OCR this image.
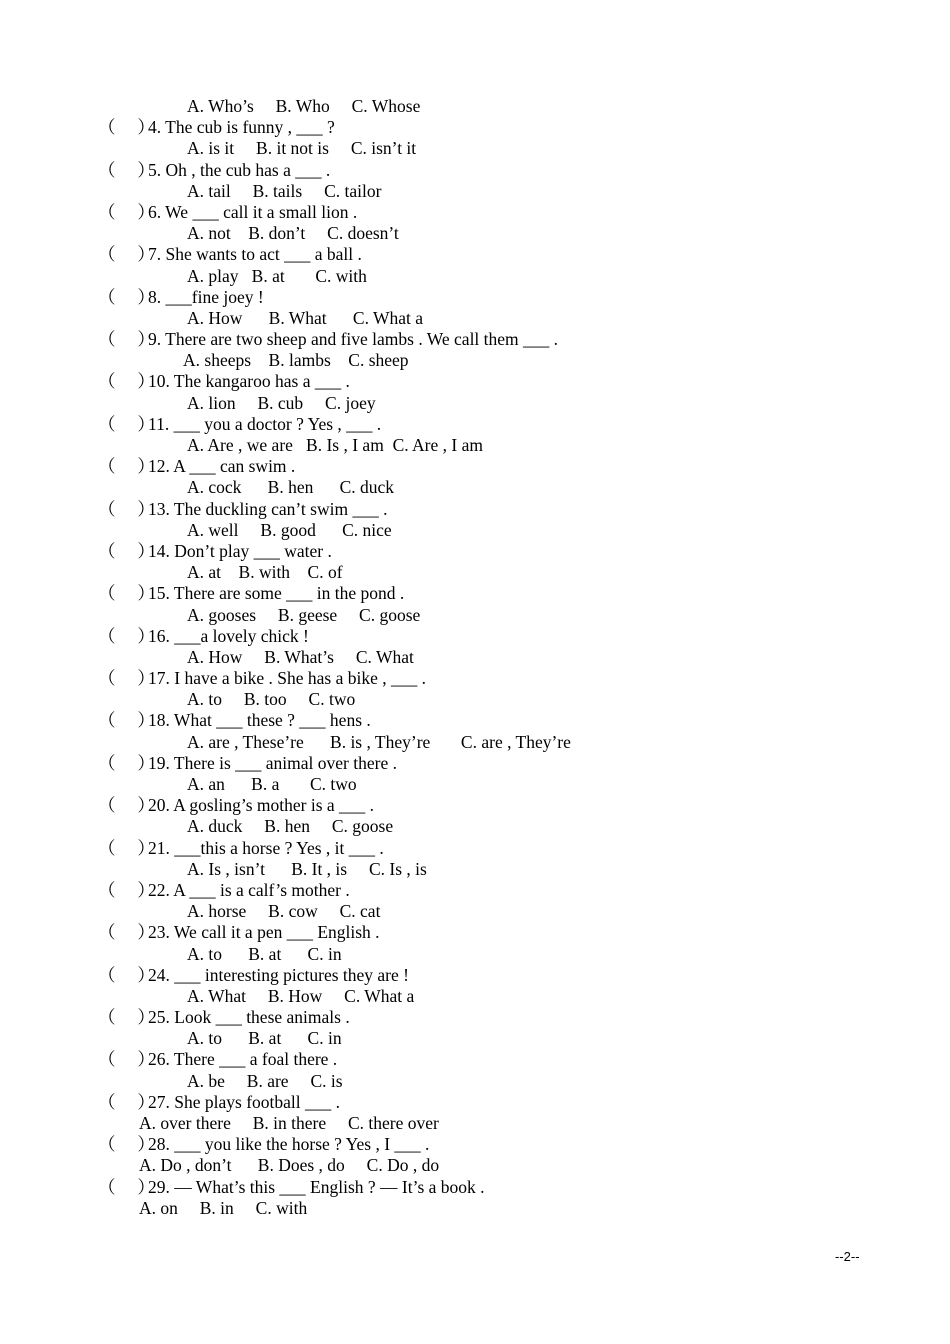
A. Who’s     B. Who     C. Whose

（     ）

4. The cub is funny , ___ ?

A. is it     B. it not is     C. isn’t it

（     ）

5. Oh , the cub has a ___ .

A. tail     B. tails     C. tailor

（     ）

6. We ___ call it a small lion .

A. not    B. don’t     C. doesn’t

（     ）

7. She wants to act ___ a ball .

A. play   B. at       C. with

（     ）

8. ___fine joey !

A. How      B. What      C. What a

（     ）

9. There are two sheep and five lambs . We call them ___ .

A. sheeps    B. lambs    C. sheep

（     ）

10. The kangaroo has a ___ .

A. lion     B. cub     C. joey

（     ）

11. ___ you a doctor ? Yes , ___ .

A. Are , we are   B. Is , I am  C. Are , I am

（     ）

12. A ___ can swim .

A. cock      B. hen      C. duck

（     ）

13. The duckling can’t swim ___ .

A. well     B. good      C. nice

（     ）

14. Don’t play ___ water .

A. at    B. with    C. of

（     ）

15. There are some ___ in the pond .

A. gooses     B. geese     C. goose

（     ）

16. ___a lovely chick !

A. How     B. What’s     C. What

（     ）

17. I have a bike . She has a bike , ___ .

A. to     B. too     C. two

（     ）

18. What ___ these ? ___ hens .

A. are , These’re      B. is , They’re       C. are , They’re

（     ）

19. There is ___ animal over there .

A. an      B. a       C. two

（     ）

20. A gosling’s mother is a ___ .

A. duck     B. hen     C. goose

（     ）

21. ___this a horse ? Yes , it ___ .

A. Is , isn’t      B. It , is     C. Is , is

（     ）

22. A ___ is a calf’s mother .

A. horse     B. cow     C. cat

（     ）

23. We call it a pen ___ English .

A. to      B. at      C. in

（     ）

24. ___ interesting pictures they are !

A. What     B. How     C. What a

（     ）

25. Look ___ these animals .

A. to      B. at      C. in

（     ）

26. There ___ a foal there .

A. be     B. are     C. is

（     ）

27. She plays football ___ .

A. over there     B. in there     C. there over

（     ）

28. ___ you like the horse ? Yes , I ___ .

A. Do , don’t      B. Does , do     C. Do , do

（     ）

29. — What’s this ___ English ? — It’s a book .

A. on     B. in     C. with

--2--
